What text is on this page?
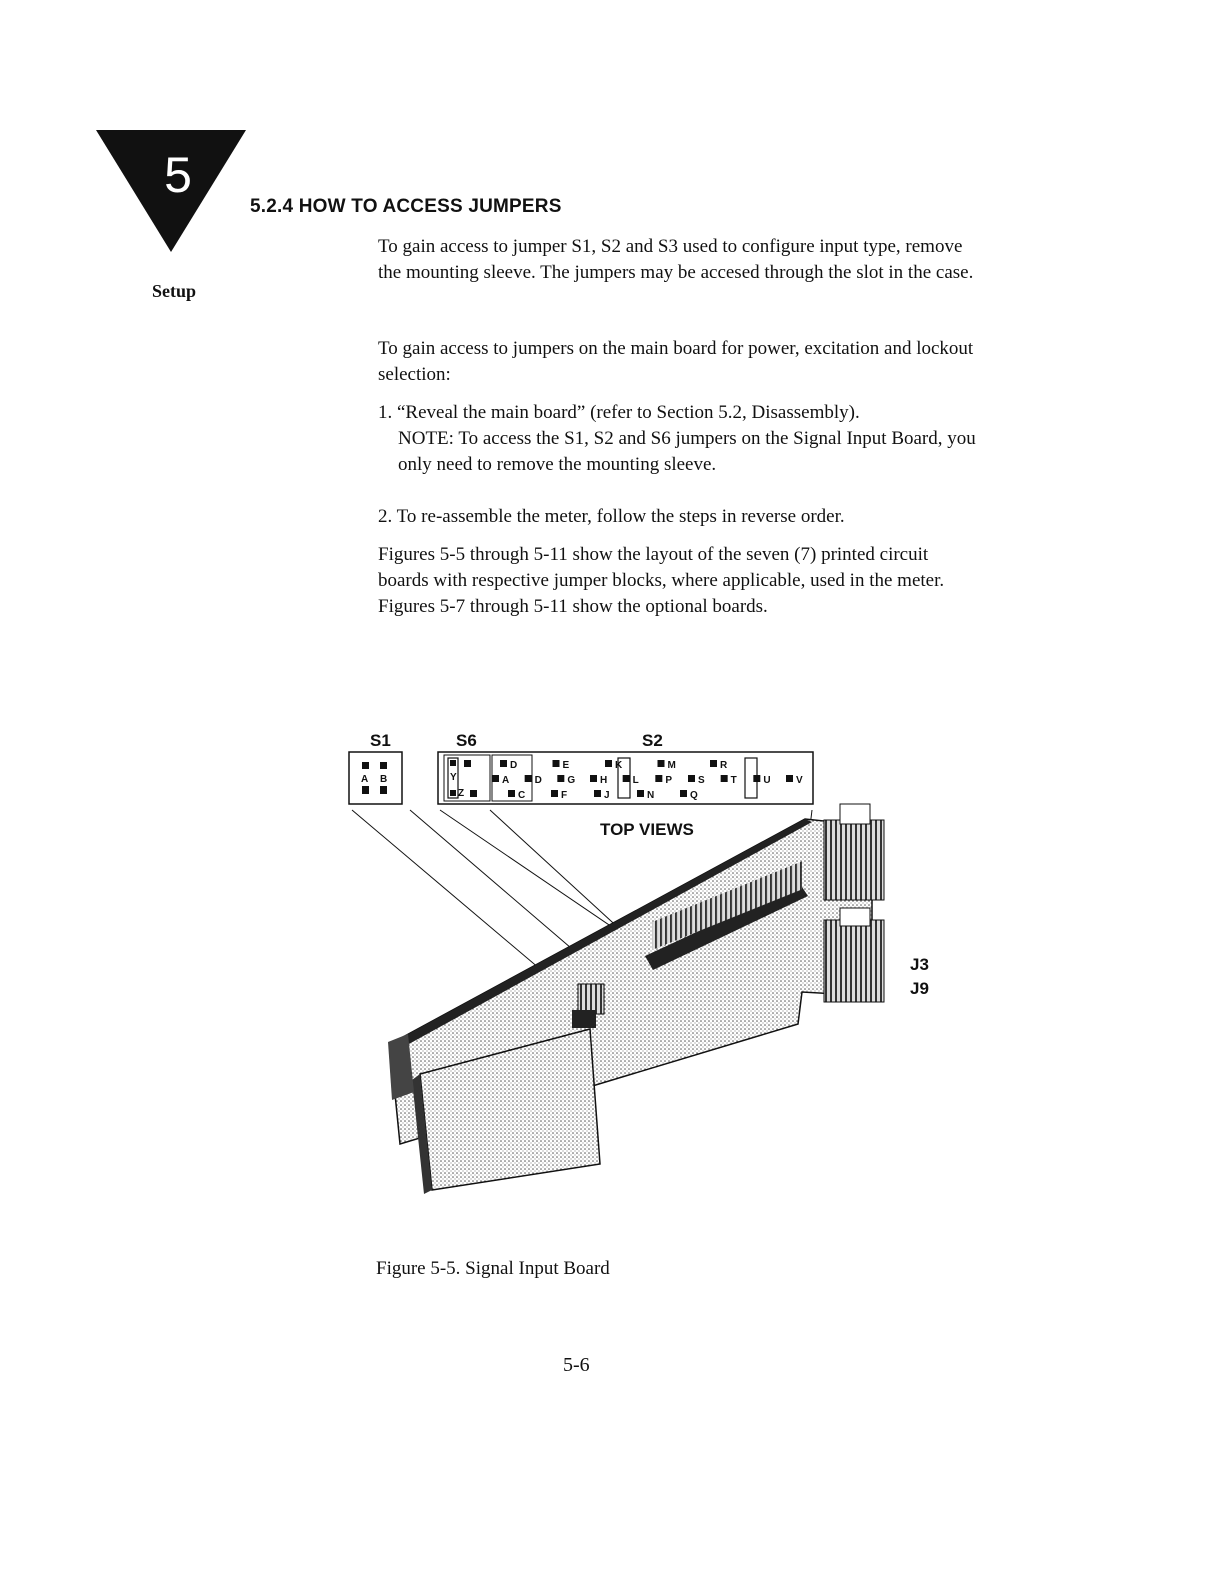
5
Setup
5.2.4 HOW TO ACCESS JUMPERS

To gain access to jumper S1, S2 and S3 used to configure input type, remove the mounting sleeve. The jumpers may be accesed through the slot in the case.

To gain access to jumpers on the main board for power, excitation and lockout selection:

1. “Reveal the main board” (refer to Section 5.2, Disassembly).

NOTE: To access the S1, S2 and S6 jumpers on the Signal Input Board, you only need to remove the mounting sleeve.

2. To re-assemble the meter, follow the steps in reverse order.

Figures 5-5 through 5-11 show the layout of the seven (7) printed circuit boards with respective jumper blocks, where applicable, used in the meter. Figures 5-7 through 5-11 show the optional boards.

S1	S6	S2
TOP VIEWS
J3
J9
A B	Y
Z
D	E	K	M	R
A	D	G H	L	P	S	T	U	V
C	F	J	N	Q
Figure 5-5. Signal Input Board
5-6
